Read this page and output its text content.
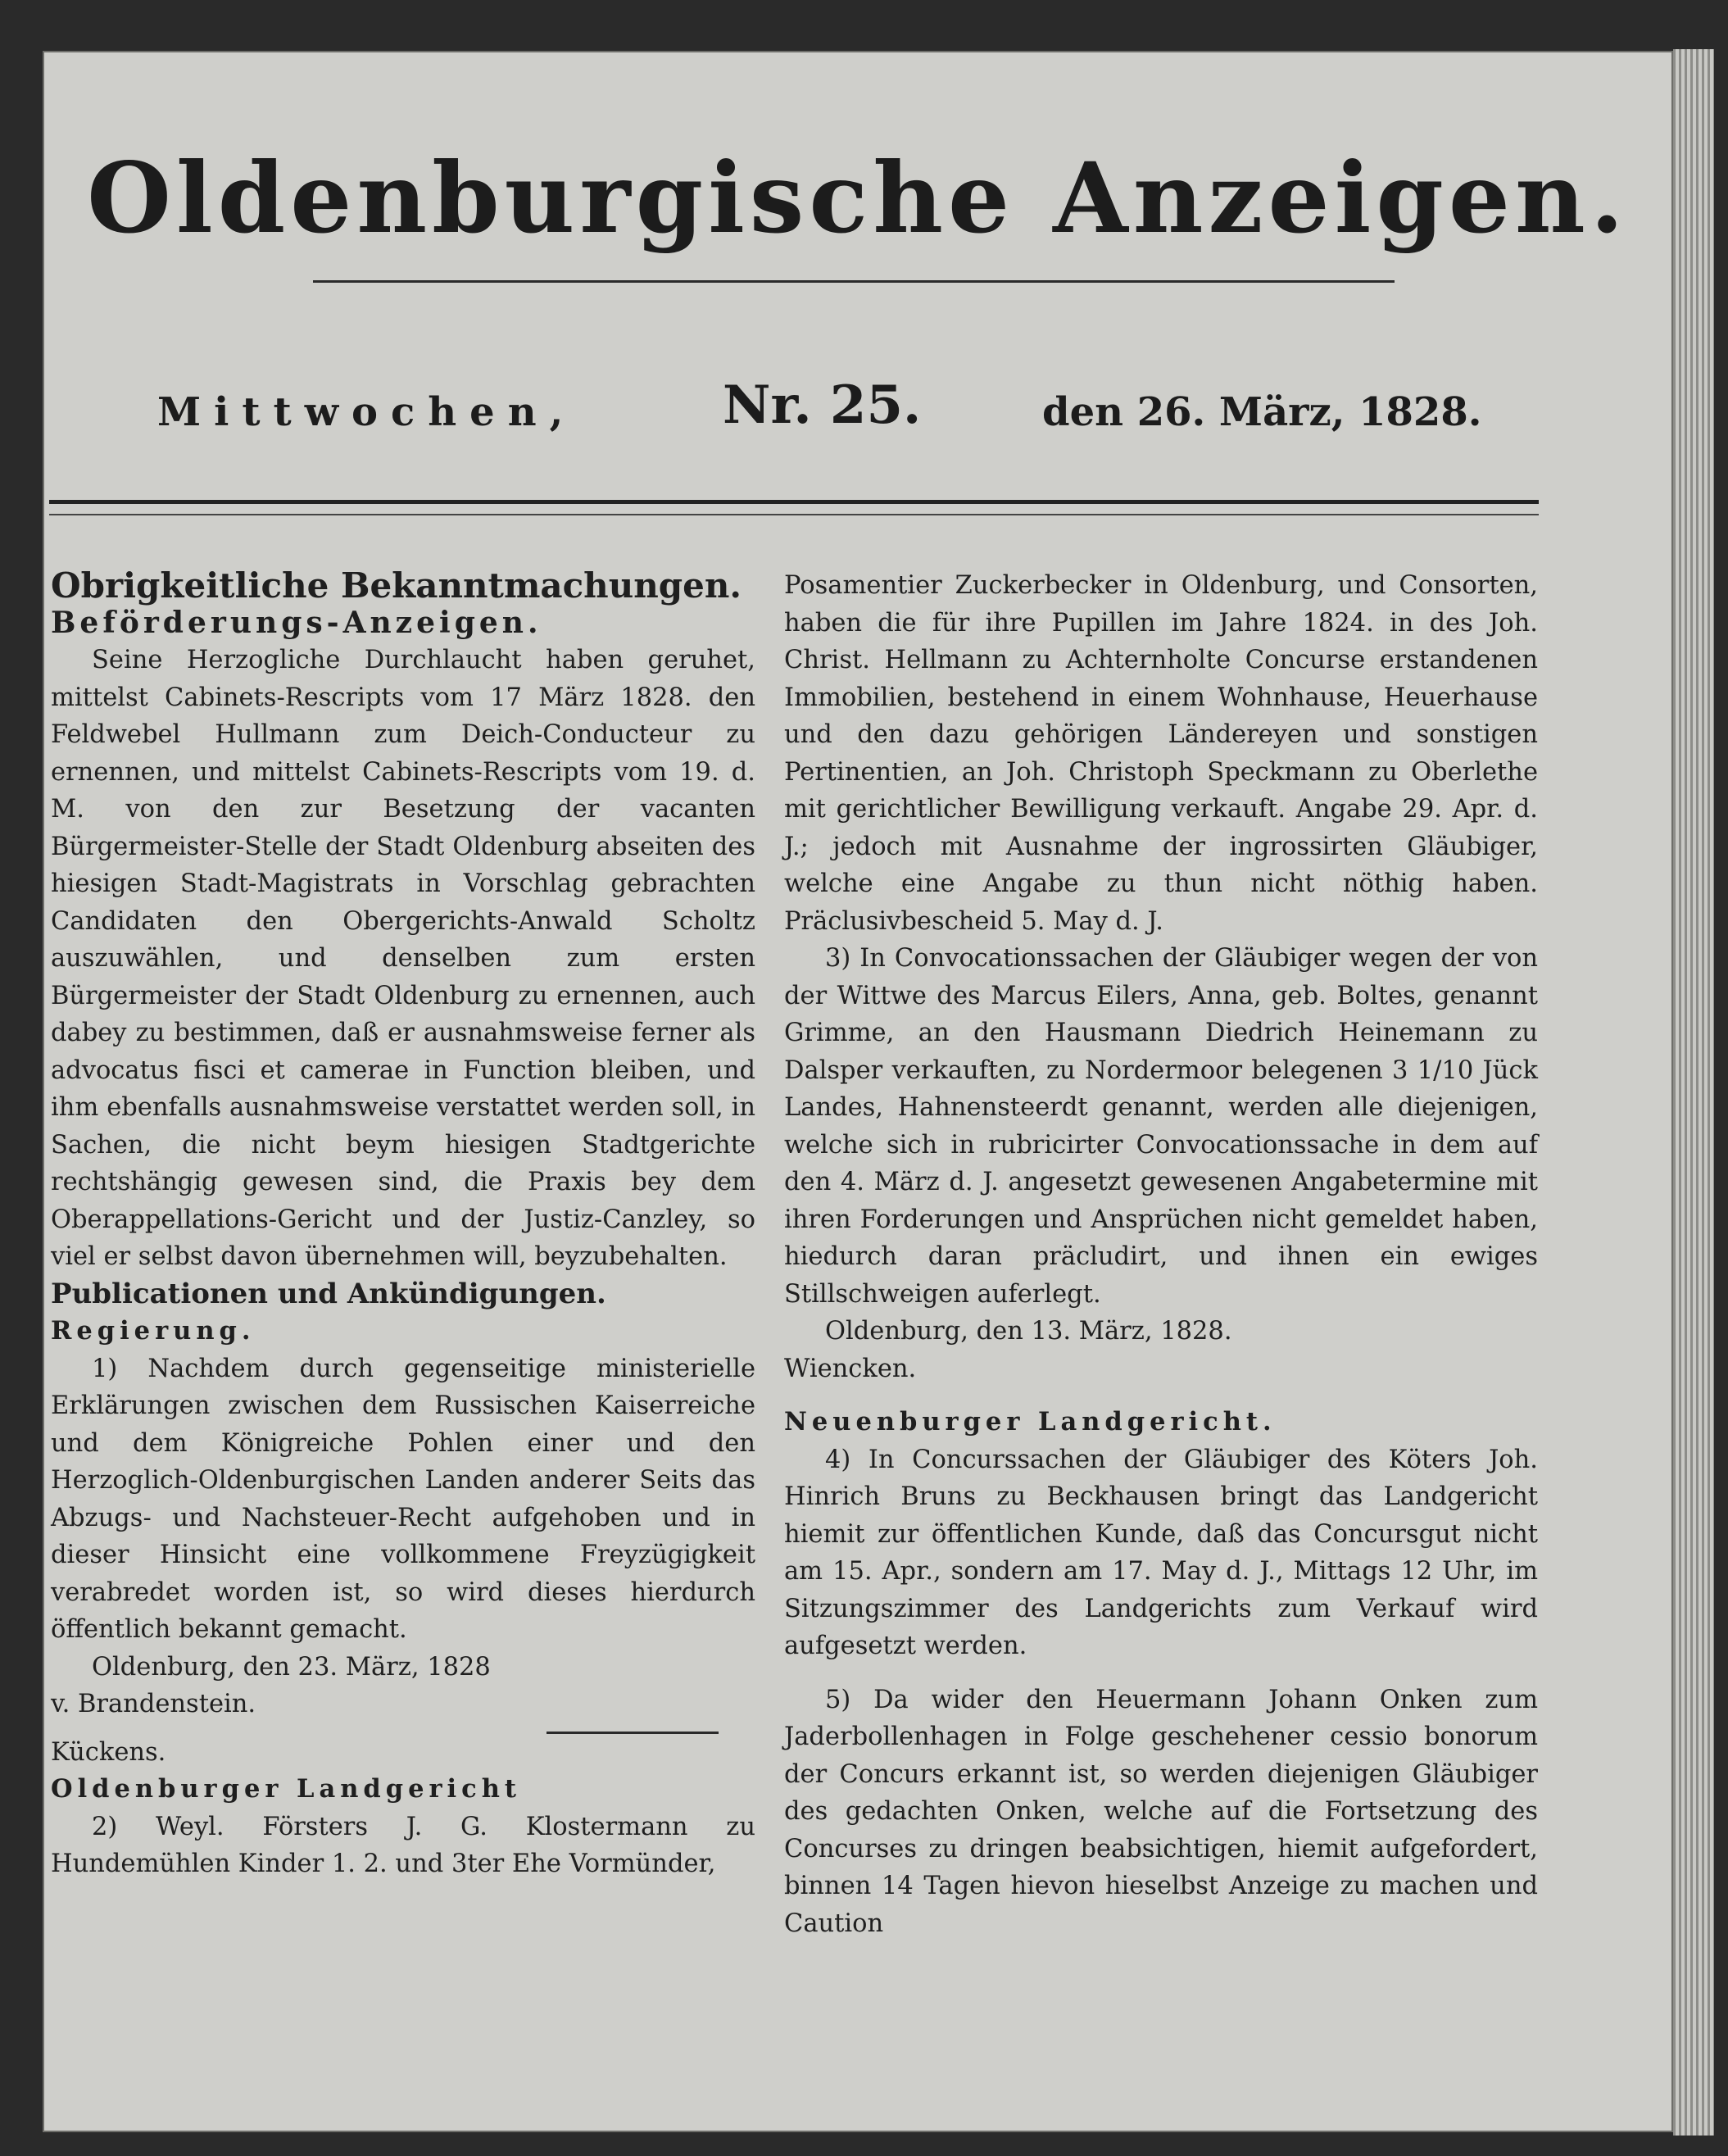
Oldenburgische Anzeigen.
Mittwochen,	Nr. 25.	den 26. März, 1828.

Obrigkeitliche Bekanntmachungen.

Beförderungs-Anzeigen.

Seine Herzogliche Durchlaucht haben geruhet, mittelst Cabinets-Rescripts vom 17 März 1828. den Feldwebel Hullmann zum Deich-Conducteur zu ernennen, und mittelst Cabinets-Rescripts vom 19. d. M. von den zur Besetzung der vacanten Bürgermeister-Stelle der Stadt Oldenburg abseiten des hiesigen Stadt-Magistrats in Vorschlag gebrachten Candidaten den Obergerichts-Anwald Scholtz auszuwählen, und denselben zum ersten Bürgermeister der Stadt Oldenburg zu ernennen, auch dabey zu bestimmen, daß er ausnahmsweise ferner als advocatus fisci et camerae in Function bleiben, und ihm ebenfalls ausnahmsweise verstattet werden soll, in Sachen, die nicht beym hiesigen Stadtgerichte rechtshängig gewesen sind, die Praxis bey dem Oberappellations-Gericht und der Justiz-Canzley, so viel er selbst davon übernehmen will, beyzubehalten.

Publicationen und Ankündigungen.

Regierung.

1) Nachdem durch gegenseitige ministerielle Erklärungen zwischen dem Russischen Kaiserreiche und dem Königreiche Pohlen einer und den Herzoglich-Oldenburgischen Landen anderer Seits das Abzugs- und Nachsteuer-Recht aufgehoben und in dieser Hinsicht eine vollkommene Freyzügigkeit verabredet worden ist, so wird dieses hierdurch öffentlich bekannt gemacht.

Oldenburg, den 23. März, 1828

v. Brandenstein.

Kückens.

Oldenburger Landgericht

2) Weyl. Försters J. G. Klostermann zu Hundemühlen Kinder 1. 2. und 3ter Ehe Vormünder,

Posamentier Zuckerbecker in Oldenburg, und Consorten, haben die für ihre Pupillen im Jahre 1824. in des Joh. Christ. Hellmann zu Achternholte Concurse erstandenen Immobilien, bestehend in einem Wohnhause, Heuerhause und den dazu gehörigen Ländereyen und sonstigen Pertinentien, an Joh. Christoph Speckmann zu Oberlethe mit gerichtlicher Bewilligung verkauft. Angabe 29. Apr. d. J.; jedoch mit Ausnahme der ingrossirten Gläubiger, welche eine Angabe zu thun nicht nöthig haben. Präclusivbescheid 5. May d. J.

3) In Convocationssachen der Gläubiger wegen der von der Wittwe des Marcus Eilers, Anna, geb. Boltes, genannt Grimme, an den Hausmann Diedrich Heinemann zu Dalsper verkauften, zu Nordermoor belegenen 3 1/10 Jück Landes, Hahnensteerdt genannt, werden alle diejenigen, welche sich in rubricirter Convocationssache in dem auf den 4. März d. J. angesetzt gewesenen Angabetermine mit ihren Forderungen und Ansprüchen nicht gemeldet haben, hiedurch daran präcludirt, und ihnen ein ewiges Stillschweigen auferlegt.

Oldenburg, den 13. März, 1828.

Wiencken.

Neuenburger Landgericht.

4) In Concurssachen der Gläubiger des Köters Joh. Hinrich Bruns zu Beckhausen bringt das Landgericht hiemit zur öffentlichen Kunde, daß das Concursgut nicht am 15. Apr., sondern am 17. May d. J., Mittags 12 Uhr, im Sitzungszimmer des Landgerichts zum Verkauf wird aufgesetzt werden.

5) Da wider den Heuermann Johann Onken zum Jaderbollenhagen in Folge geschehener cessio bonorum der Concurs erkannt ist, so werden diejenigen Gläubiger des gedachten Onken, welche auf die Fortsetzung des Concurses zu dringen beabsichtigen, hiemit aufgefordert, binnen 14 Tagen hievon hieselbst Anzeige zu machen und Caution
